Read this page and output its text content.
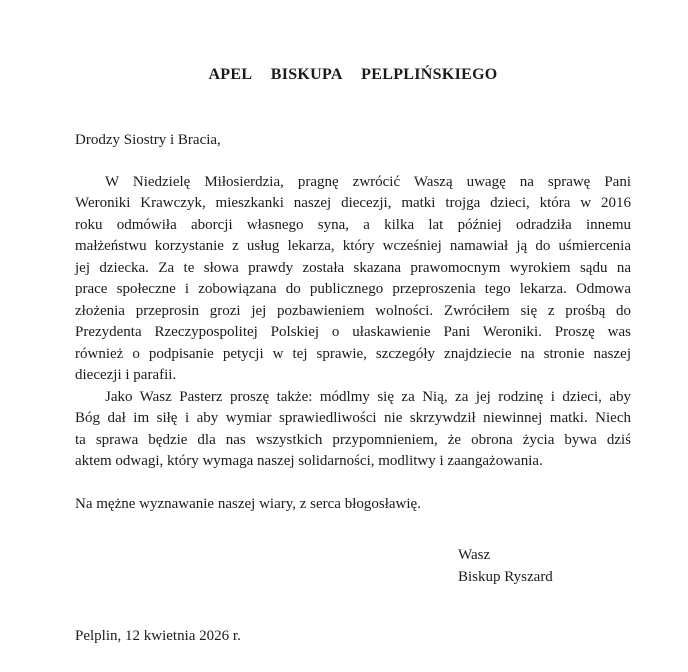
APEL BISKUPA PELPLIŃSKIEGO

Drodzy Siostry i Bracia,

W Niedzielę Miłosierdzia, pragnę zwrócić Waszą uwagę na sprawę Pani
Weroniki Krawczyk, mieszkanki naszej diecezji, matki trojga dzieci, która w 2016
roku odmówiła aborcji własnego syna, a kilka lat później odradziła innemu
małżeństwu korzystanie z usług lekarza, który wcześniej namawiał ją do uśmiercenia
jej dziecka. Za te słowa prawdy została skazana prawomocnym wyrokiem sądu na
prace społeczne i zobowiązana do publicznego przeproszenia tego lekarza. Odmowa
złożenia przeprosin grozi jej pozbawieniem wolności. Zwróciłem się z prośbą do
Prezydenta Rzeczypospolitej Polskiej o ułaskawienie Pani Weroniki. Proszę was
również o podpisanie petycji w tej sprawie, szczegóły znajdziecie na stronie naszej
diecezji i parafii.
Jako Wasz Pasterz proszę także: módlmy się za Nią, za jej rodzinę i dzieci, aby
Bóg dał im siłę i aby wymiar sprawiedliwości nie skrzywdził niewinnej matki. Niech
ta sprawa będzie dla nas wszystkich przypomnieniem, że obrona życia bywa dziś
aktem odwagi, który wymaga naszej solidarności, modlitwy i zaangażowania.

Na mężne wyznawanie naszej wiary, z serca błogosławię.

Wasz
Biskup Ryszard

Pelplin, 12 kwietnia 2026 r.
